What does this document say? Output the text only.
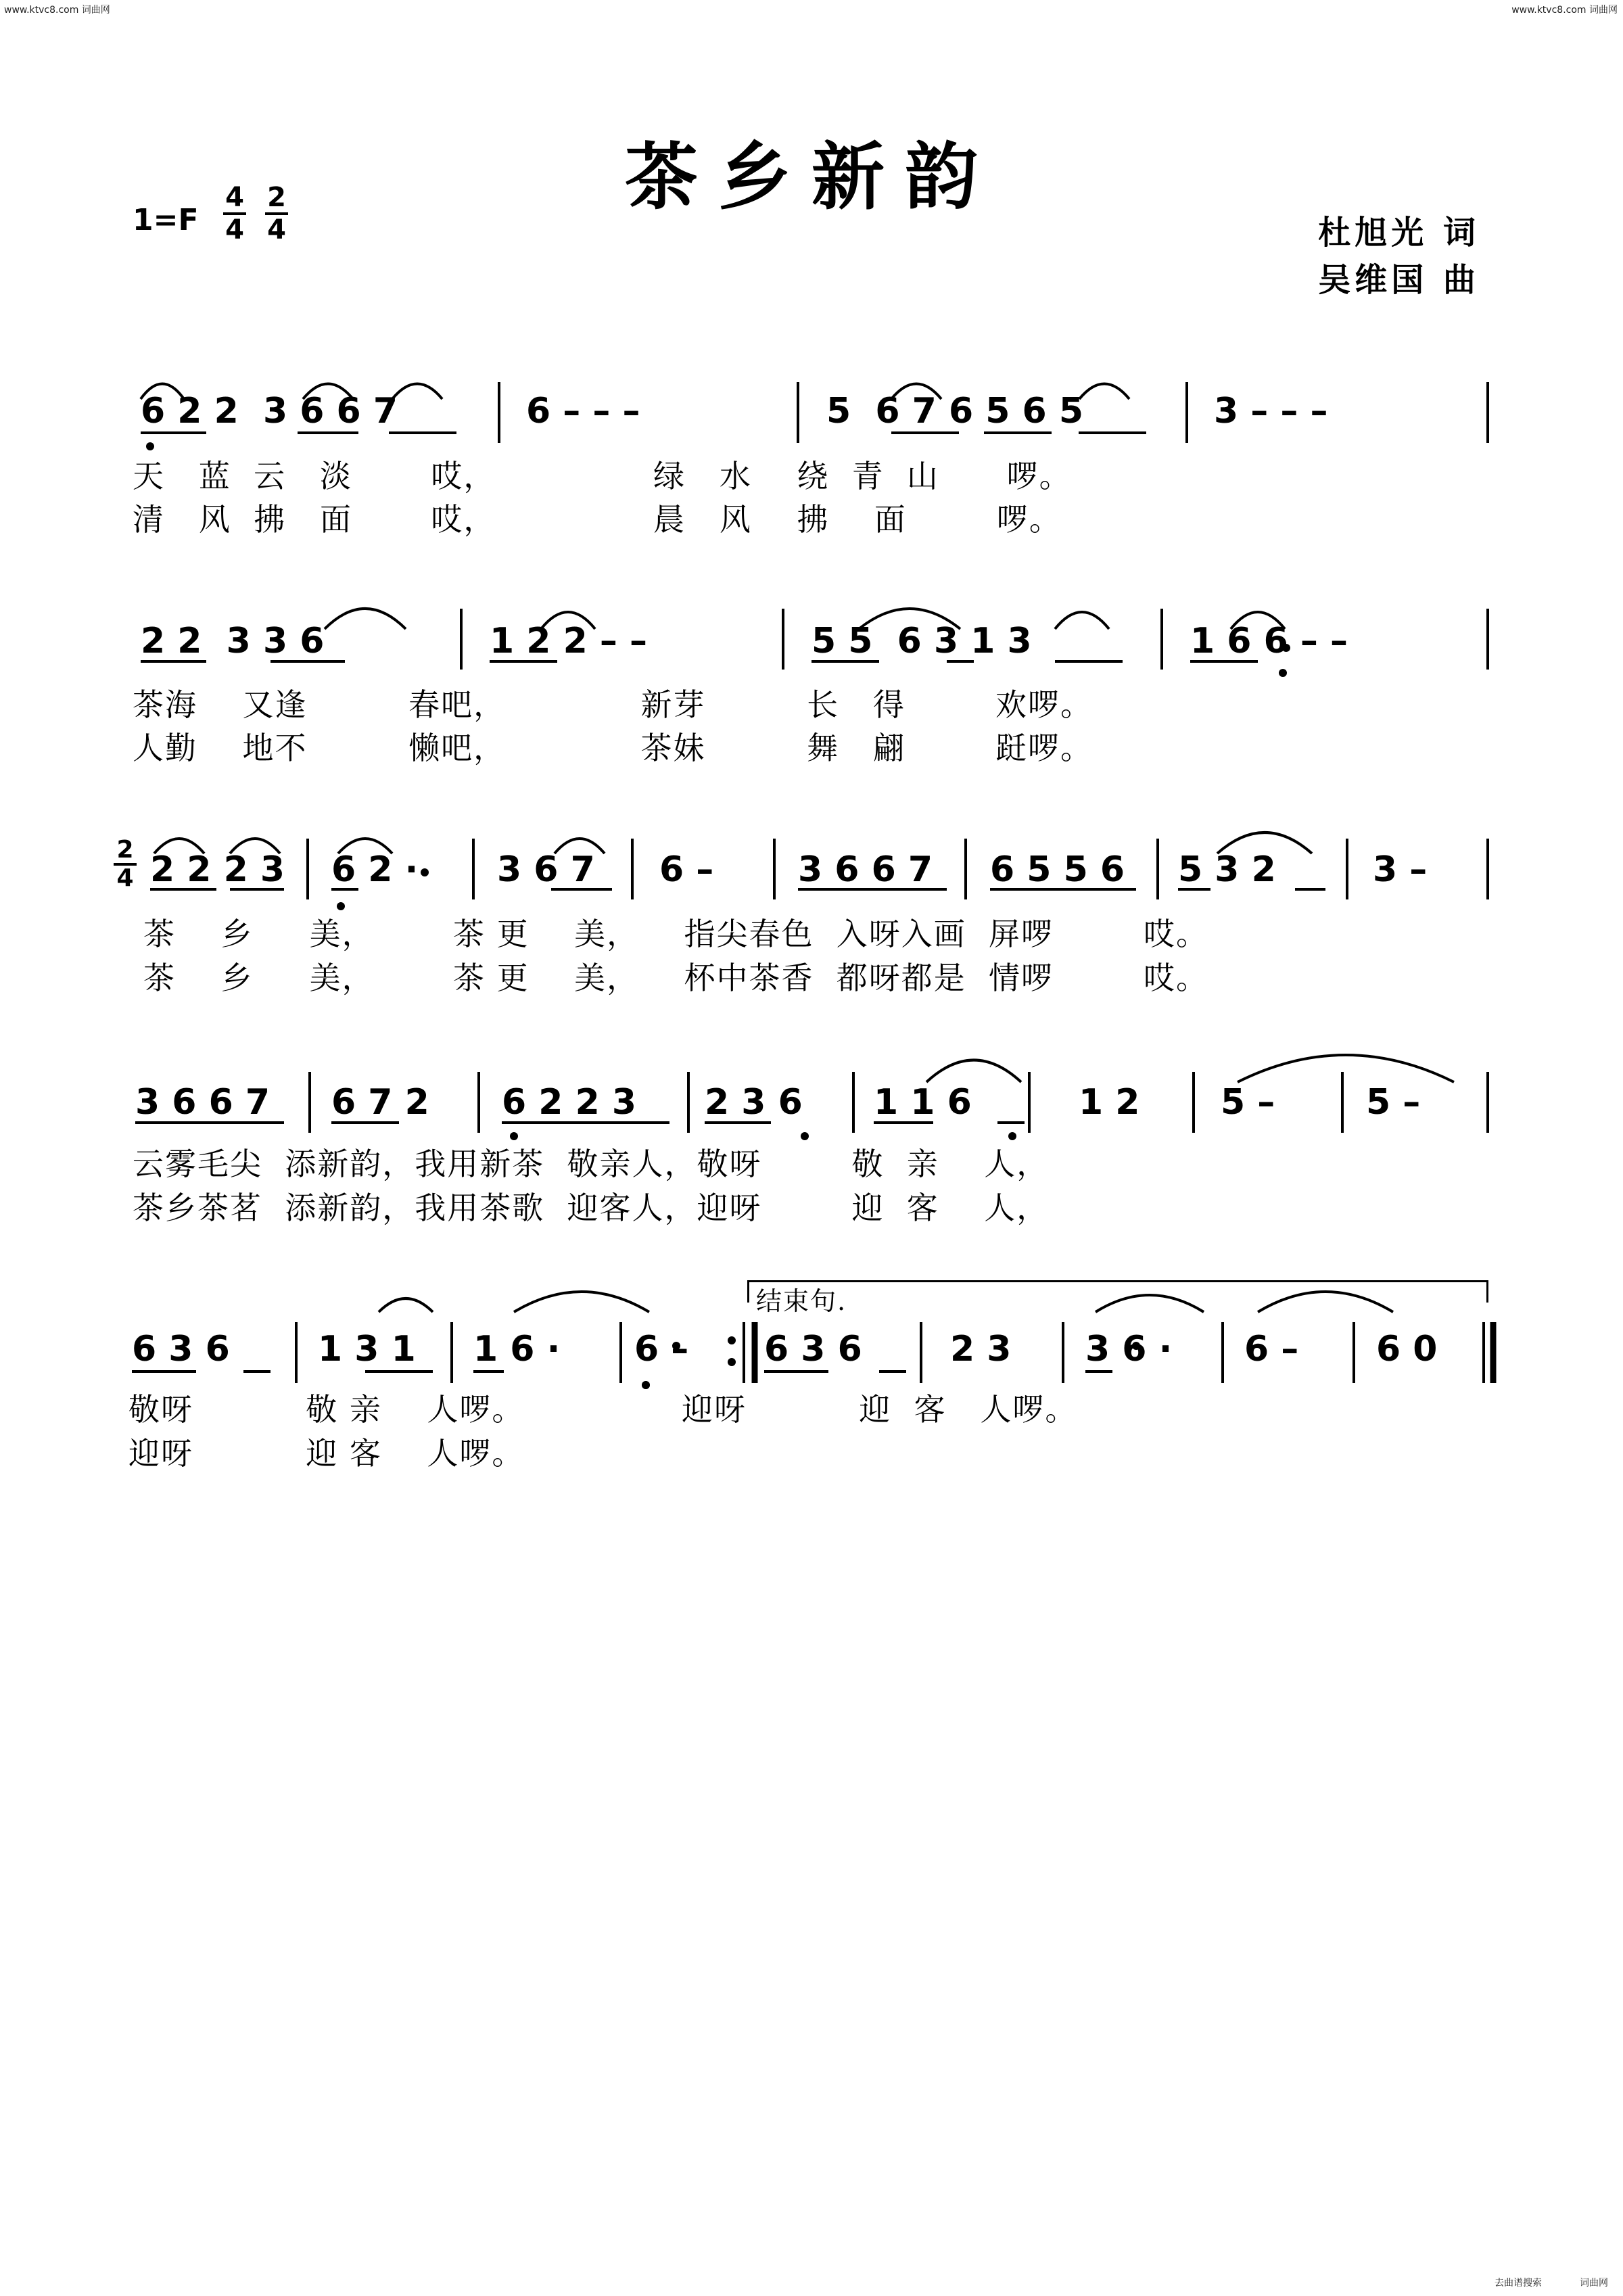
www.ktvc8.com 词曲网	www.ktvc8.com 词曲网
去曲谱搜索	词曲网
茶乡新韵
1=F
4
4
2
4	杜旭光 词
吴维国 曲
结束句.
2
4
6 2 2  3 6 6 7	6 – – –	5  6 7 6 5 6 5	3 – – –
天   蓝  云   淡       哎，              绿   水    绕  青  山      啰。
清   风  拂   面       哎，              晨   风    拂    面        啰。
2 2  3 3 6	1 2 2 – –	5 5  6 3 1 3	1 6 6 – –
茶海    又逢         春吧，            新芽         长   得        欢啰。
人勤    地不         懒吧，            茶妹         舞   翩        跹啰。
2 2 2 3 6 2 · 3 6 7 6 – 3 6 6 7 6 5 5 6 5 3 2	3 –
茶    乡     美，       茶 更    美，    指尖春色  入呀入画  屏啰        哎。
茶    乡     美，       茶 更    美，    杯中茶香  都呀都是  情啰        哎。
3 6 6 7 6 7 2 6 2 2 3 2 3 6 1 1 6	1 2 5 –	5 –
云雾毛尖  添新韵，我用新茶  敬亲人，敬呀        敬  亲    人，
茶乡茶茗  添新韵，我用茶歌  迎客人，迎呀        迎  客    人，
6 3 6	1 3 1 1 6 · 6 – 6 3 6	2 3 3 6 · 6 – 6 0
敬呀          敬 亲    人啰。              迎呀          迎  客   人啰。
迎呀          迎 客    人啰。
